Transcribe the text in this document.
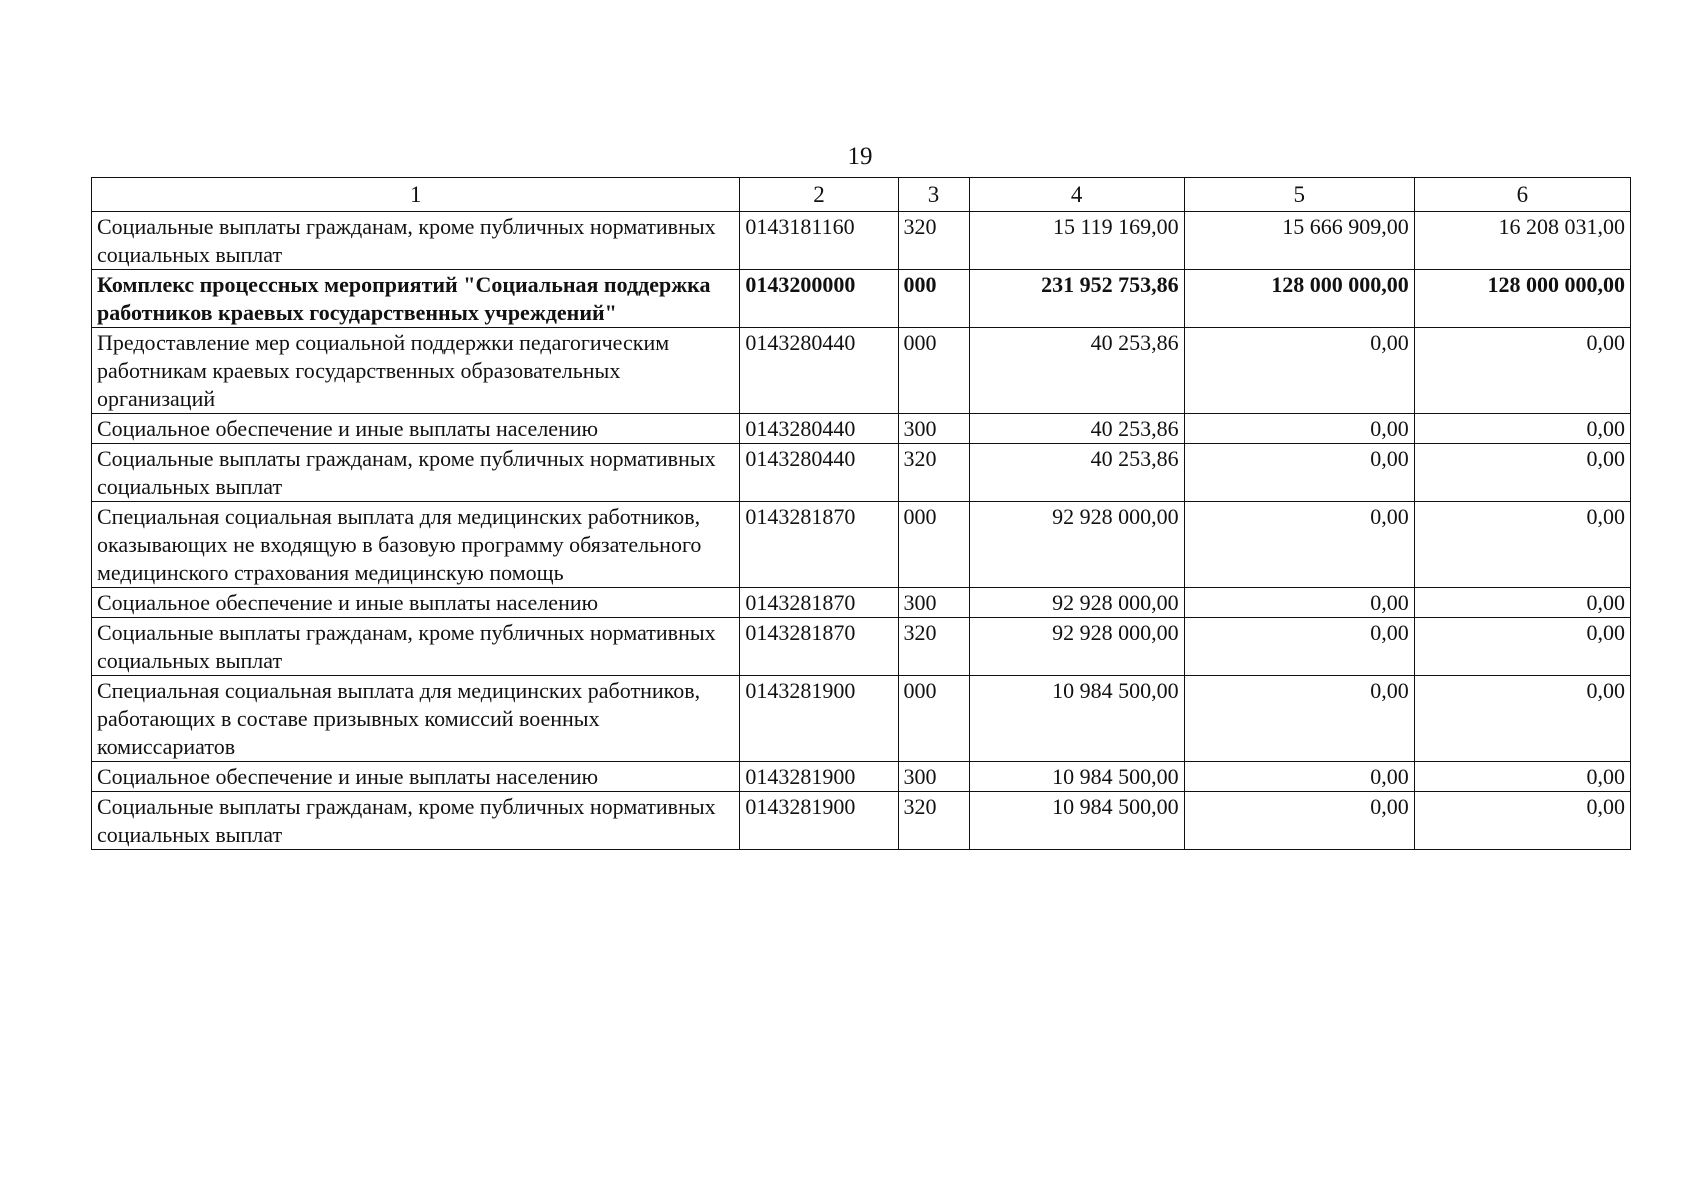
19
1	2	3	4	5	6
Социальные выплаты гражданам, кроме публичных нормативных социальных выплат	0143181160	320	15 119 169,00	15 666 909,00	16 208 031,00
Комплекс процессных мероприятий "Социальная поддержка работников краевых государственных учреждений"	0143200000	000	231 952 753,86	128 000 000,00	128 000 000,00
Предоставление мер социальной поддержки педагогическим работникам краевых государственных образовательных организаций	0143280440	000	40 253,86	0,00	0,00
Социальное обеспечение и иные выплаты населению	0143280440	300	40 253,86	0,00	0,00
Социальные выплаты гражданам, кроме публичных нормативных социальных выплат	0143280440	320	40 253,86	0,00	0,00
Специальная социальная выплата для медицинских работников, оказывающих не входящую в базовую программу обязательного медицинского страхования медицинскую помощь	0143281870	000	92 928 000,00	0,00	0,00
Социальное обеспечение и иные выплаты населению	0143281870	300	92 928 000,00	0,00	0,00
Социальные выплаты гражданам, кроме публичных нормативных социальных выплат	0143281870	320	92 928 000,00	0,00	0,00
Специальная социальная выплата для медицинских работников, работающих в составе призывных комиссий военных комиссариатов	0143281900	000	10 984 500,00	0,00	0,00
Социальное обеспечение и иные выплаты населению	0143281900	300	10 984 500,00	0,00	0,00
Социальные выплаты гражданам, кроме публичных нормативных социальных выплат	0143281900	320	10 984 500,00	0,00	0,00
